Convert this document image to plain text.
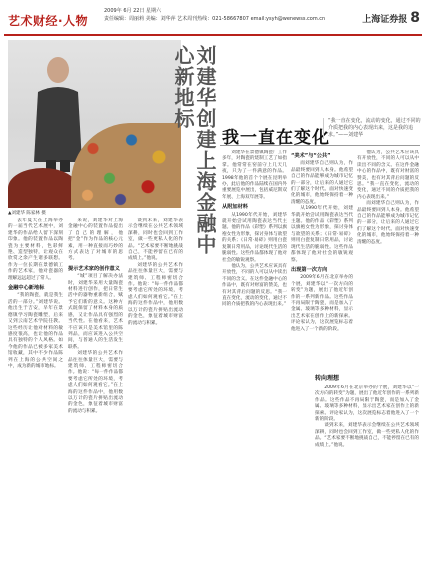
艺术财经·人物
2009年 6月 22日 星期六
责任编辑：周丽莉 美编：刘华萍 艺术周刊热线：021-58667807 email:ysyh@wenewss.com.cn	上海证券报 8
▲刘建华 陈家林 摄	刘建华创建上海金融中心新地标
我一直在变化
“我一直在变化，流动的变化，通过不同的介质把我的内心表现出来，这是我的追求。”——刘建华

去年夏天在上海举办的一届当代艺术展中，刘建华的作品给人留下深刻印象。他的装置作品以陶瓷为主要材料，色彩鲜艳、造型独特，让观众在欣赏之余产生诸多联想。作为一位长期在景德镇工作的艺术家，他对瓷器的理解远远超过了常人。

金融中心新地标

“我的陶瓷，就是我生活的一部分。”刘建华说。他出生于吉安，早年在景德镇学习陶瓷雕塑，后来又到云南艺术学院任教。这些经历让他对材料的敏感度很高，也让他的作品具有独特的个人风格。如今他的作品已被多家美术馆收藏，其中不少作品陈列在上海的公共空间之中，成为新的城市地标。

来说，刘建华对上海金融中心的装置作品提出了自己的理解，他把“金”作为作品的核心元素，用一种直接而巧妙的方式表达了对城市的思考。

提示艺术家的创作意义

“城”项目了解决办法时，刘建华采用大量陶瓷材料进行创作，把日常生活中的器物重新组合，赋予它们新的意义。这种方式既保留了材料本身的质感，又让作品具有强烈的当代性。在他看来，艺术不应该只是美术馆里的陈列品，而应该进入公共空间，与普通人的生活发生联系。

刘建华的公共艺术作品往往体量巨大，需要与建筑师、工程师密切合作。他说：“每一件作品都要考虑它所处的环境，考虑人们如何观看它。”在上海的这件作品中，他用数以万计的瓷片拼贴出流动的金色，象征着城市财富的流动与积累。

谈到未来，刘建华表示会继续在公共艺术领域深耕，同时也会回到工作室，做一些更私人化的作品。“艺术家要不断地挑战自己，不能停留在已有的成绩上。”他说。

刘建华的公共艺术作品往往体量巨大，需要与建筑师、工程师密切合作。他说：“每一件作品都要考虑它所处的环境，考虑人们如何观看它。”在上海的这件作品中，他用数以万计的瓷片拼贴出流动的金色，象征着城市财富的流动与积累。

刘建华在景德镇陶瓷厂工作多年，对陶瓷的烧制工艺了如指掌。他常常在窑前守上几天几夜，只为了一件满意的作品。1998年他的首个个展在昆明举办，此后他的作品陆续在国内外重要展览中展出，包括威尼斯双年展、上海双年展等。

从附加材料

从1990年代开始，刘建华就开始尝试用陶瓷表达当代主题。他的作品《彩塑》系列以旗袍女性为形象，探讨身体与欲望的关系；《日常·易碎》则用白瓷复制日常用品，讨论现代生活的脆弱性。这些作品都体现了他对社会的敏锐观察。

他认为，公共艺术应该具有开放性，不同的人可以从中读出不同的含义。在这件金融中心的作品中，既有对财富的赞美，也有对其背后问题的反思。“我一直在变化，流动的变化，通过不同的介质把我的内心表现出来。”

“美术”与“公共”

而刘建华自己则认为，作品最终要回到人本身。他希望自己的作品能够成为城市记忆的一部分，让后来的人通过它们了解这个时代。面对快速变化的城市，他始终保持着一种清醒的态度。

从1990年代开始，刘建华就开始尝试用陶瓷表达当代主题。他的作品《彩塑》系列以旗袍女性为形象，探讨身体与欲望的关系；《日常·易碎》则用白瓷复制日常用品，讨论现代生活的脆弱性。这些作品都体现了他对社会的敏锐观察。

出现第一次方向

2009年6月在北京举办的个展，刘建华以“一次方向的转变”为题，展出了他近年创作的一系列新作品。这些作品不再局限于陶瓷，而是加入了金属、玻璃等多种材料，显示出艺术家在创作上的新探索。评论家认为，这次展览标志着他进入了一个新的阶段。

他认为，公共艺术应该具有开放性，不同的人可以从中读出不同的含义。在这件金融中心的作品中，既有对财富的赞美，也有对其背后问题的反思。“我一直在变化，流动的变化，通过不同的介质把我的内心表现出来。”

而刘建华自己则认为，作品最终要回到人本身。他希望自己的作品能够成为城市记忆的一部分，让后来的人通过它们了解这个时代。面对快速变化的城市，他始终保持着一种清醒的态度。

转向理想

2009年6月在北京举办的个展，刘建华以“一次方向的转变”为题，展出了他近年创作的一系列新作品。这些作品不再局限于陶瓷，而是加入了金属、玻璃等多种材料，显示出艺术家在创作上的新探索。评论家认为，这次展览标志着他进入了一个新的阶段。

谈到未来，刘建华表示会继续在公共艺术领域深耕，同时也会回到工作室，做一些更私人化的作品。“艺术家要不断地挑战自己，不能停留在已有的成绩上。”他说。
